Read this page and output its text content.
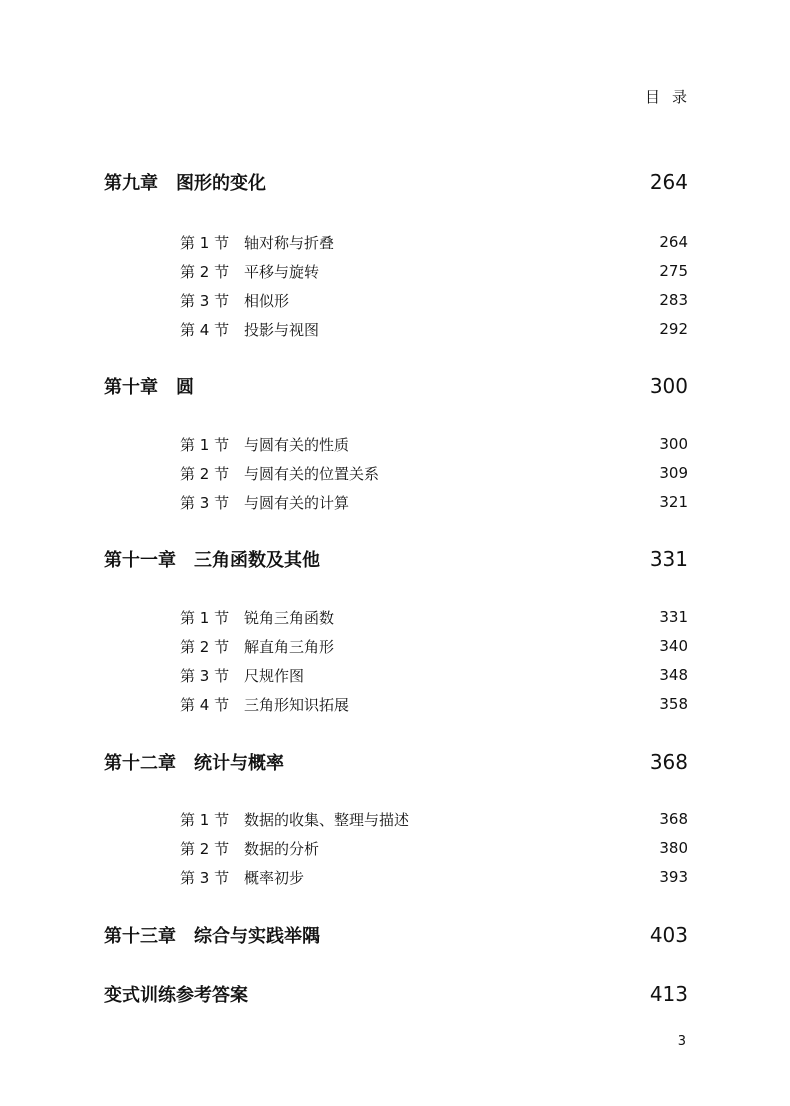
目录
第九章　图形的变化	264
第 1 节 轴对称与折叠	264
第 2 节 平移与旋转	275
第 3 节 相似形	283
第 4 节 投影与视图	292
第十章　圆	300
第 1 节 与圆有关的性质	300
第 2 节 与圆有关的位置关系	309
第 3 节 与圆有关的计算	321
第十一章　三角函数及其他	331
第 1 节 锐角三角函数	331
第 2 节 解直角三角形	340
第 3 节 尺规作图	348
第 4 节 三角形知识拓展	358
第十二章　统计与概率	368
第 1 节 数据的收集、整理与描述	368
第 2 节 数据的分析	380
第 3 节 概率初步	393
第十三章　综合与实践举隅	403
变式训练参考答案	413
3
